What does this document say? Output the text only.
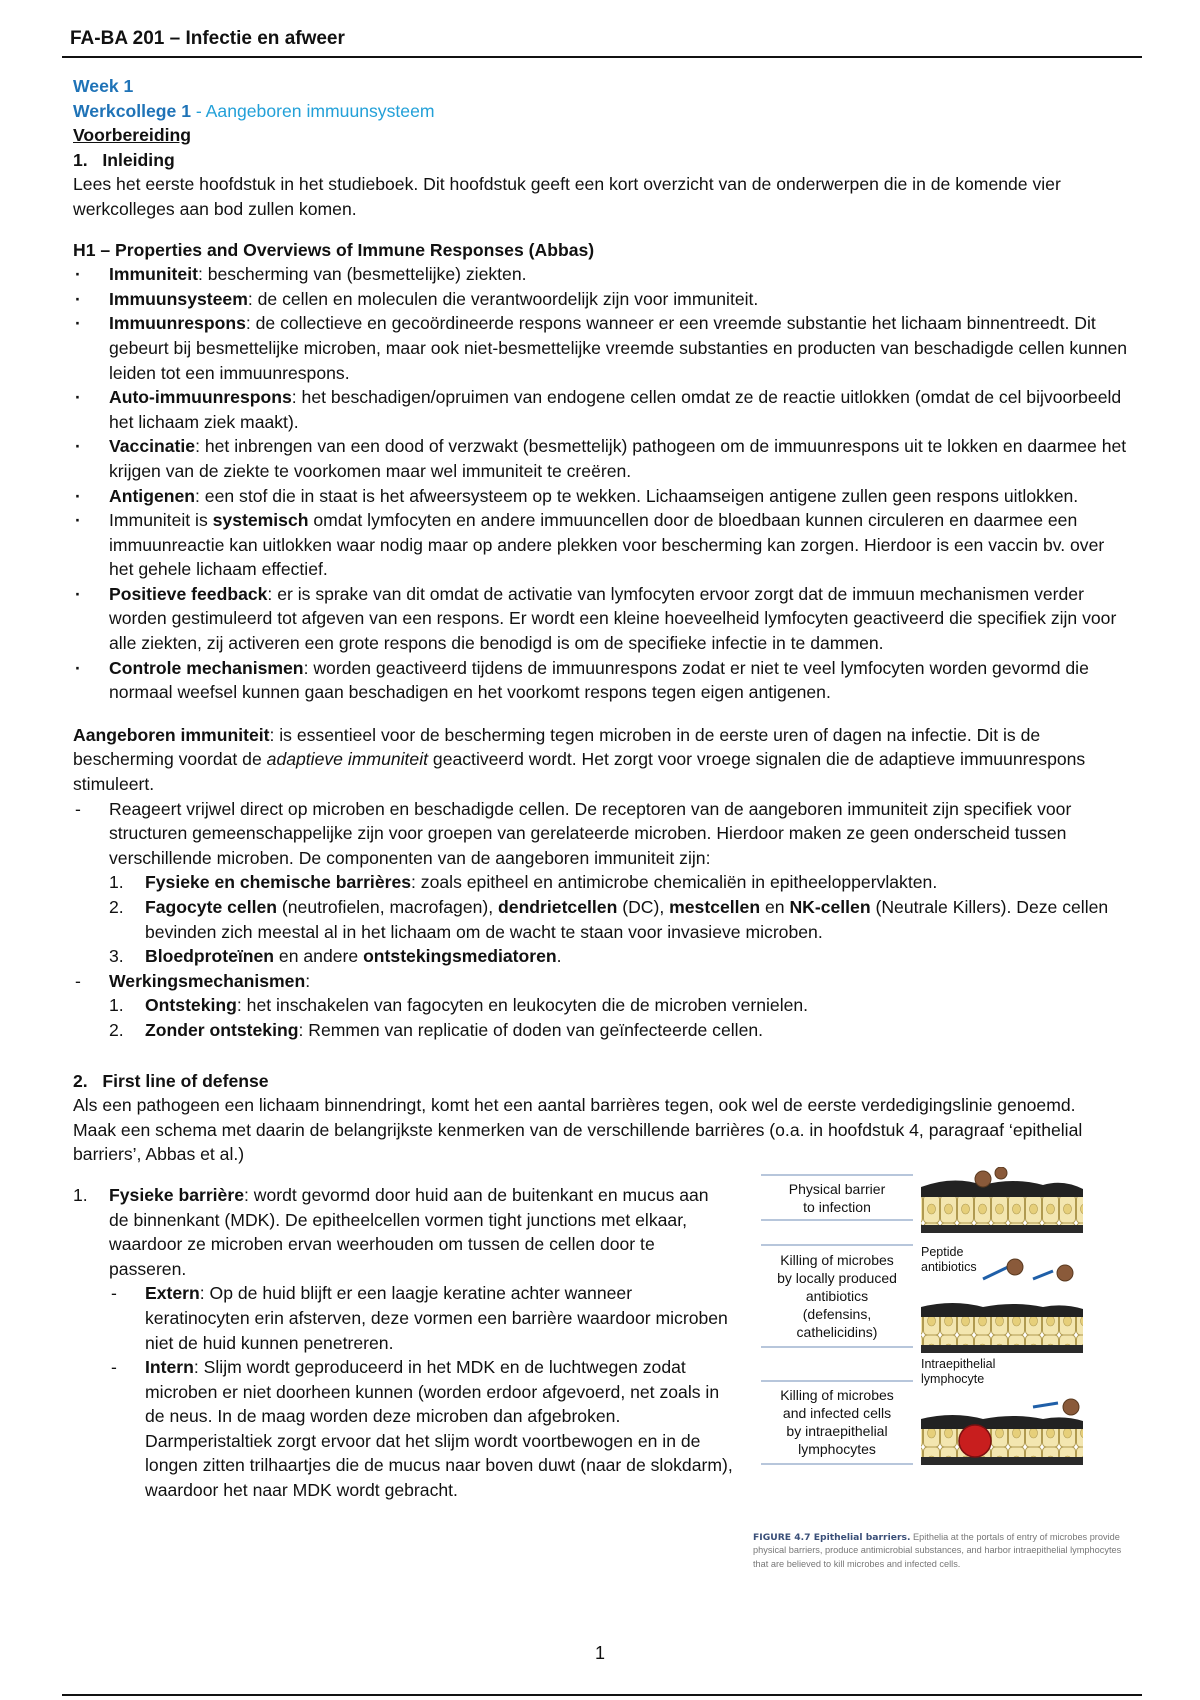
FA-BA 201 – Infectie en afweer

Week 1

Werkcollege 1 - Aangeboren immuunsysteem

Voorbereiding

1. Inleiding

Lees het eerste hoofdstuk in het studieboek. Dit hoofdstuk geeft een kort overzicht van de onderwerpen die in de komende vier werkcolleges aan bod zullen komen.

H1 – Properties and Overviews of Immune Responses (Abbas)

· Immuniteit: bescherming van (besmettelijke) ziekten.
· Immuunsysteem: de cellen en moleculen die verantwoordelijk zijn voor immuniteit.
· Immuunrespons: de collectieve en gecoördineerde respons wanneer er een vreemde substantie het lichaam binnentreedt. Dit gebeurt bij besmettelijke microben, maar ook niet-besmettelijke vreemde substanties en producten van beschadigde cellen kunnen leiden tot een immuunrespons.
· Auto-immuunrespons: het beschadigen/opruimen van endogene cellen omdat ze de reactie uitlokken (omdat de cel bijvoorbeeld het lichaam ziek maakt).
· Vaccinatie: het inbrengen van een dood of verzwakt (besmettelijk) pathogeen om de immuunrespons uit te lokken en daarmee het krijgen van de ziekte te voorkomen maar wel immuniteit te creëren.
· Antigenen: een stof die in staat is het afweersysteem op te wekken. Lichaamseigen antigene zullen geen respons uitlokken.
· Immuniteit is systemisch omdat lymfocyten en andere immuuncellen door de bloedbaan kunnen circuleren en daarmee een immuunreactie kan uitlokken waar nodig maar op andere plekken voor bescherming kan zorgen. Hierdoor is een vaccin bv. over het gehele lichaam effectief.
· Positieve feedback: er is sprake van dit omdat de activatie van lymfocyten ervoor zorgt dat de immuun mechanismen verder worden gestimuleerd tot afgeven van een respons. Er wordt een kleine hoeveelheid lymfocyten geactiveerd die specifiek zijn voor alle ziekten, zij activeren een grote respons die benodigd is om de specifieke infectie in te dammen.
· Controle mechanismen: worden geactiveerd tijdens de immuunrespons zodat er niet te veel lymfocyten worden gevormd die normaal weefsel kunnen gaan beschadigen en het voorkomt respons tegen eigen antigenen.

Aangeboren immuniteit: is essentieel voor de bescherming tegen microben in de eerste uren of dagen na infectie. Dit is de bescherming voordat de adaptieve immuniteit geactiveerd wordt. Het zorgt voor vroege signalen die de adaptieve immuunrespons stimuleert.

- Reageert vrijwel direct op microben en beschadigde cellen. De receptoren van de aangeboren immuniteit zijn specifiek voor structuren gemeenschappelijke zijn voor groepen van gerelateerde microben. Hierdoor maken ze geen onderscheid tussen verschillende microben. De componenten van de aangeboren immuniteit zijn:
1. Fysieke en chemische barrières: zoals epitheel en antimicrobe chemicaliën in epitheeloppervlakten.
2. Fagocyte cellen (neutrofielen, macrofagen), dendrietcellen (DC), mestcellen en NK-cellen (Neutrale Killers). Deze cellen bevinden zich meestal al in het lichaam om de wacht te staan voor invasieve microben.
3. Bloedproteïnen en andere ontstekingsmediatoren.
- Werkingsmechanismen:
1. Ontsteking: het inschakelen van fagocyten en leukocyten die de microben vernielen.
2. Zonder ontsteking: Remmen van replicatie of doden van geïnfecteerde cellen.

2. First line of defense

Als een pathogeen een lichaam binnendringt, komt het een aantal barrières tegen, ook wel de eerste verdedigingslinie genoemd.

Maak een schema met daarin de belangrijkste kenmerken van de verschillende barrières (o.a. in hoofdstuk 4, paragraaf ‘epithelial barriers’, Abbas et al.)

1. Fysieke barrière: wordt gevormd door huid aan de buitenkant en mucus aan de binnenkant (MDK). De epitheelcellen vormen tight junctions met elkaar, waardoor ze microben ervan weerhouden om tussen de cellen door te passeren.
- Extern: Op de huid blijft er een laagje keratine achter wanneer keratinocyten erin afsterven, deze vormen een barrière waardoor microben niet de huid kunnen penetreren.
- Intern: Slijm wordt geproduceerd in het MDK en de luchtwegen zodat microben er niet doorheen kunnen (worden erdoor afgevoerd, net zoals in de neus. In de maag worden deze microben dan afgebroken. Darmperistaltiek zorgt ervoor dat het slijm wordt voortbewogen en in de longen zitten trilhaartjes die de mucus naar boven duwt (naar de slokdarm), waardoor het naar MDK wordt gebracht.
Physical barrier
to infection
Killing of microbes
by locally produced
antibiotics
(defensins,
cathelicidins)
Killing of microbes
and infected cells
by intraepithelial
lymphocytes
Peptide
antibiotics
Intraepithelial
lymphocyte
FIGURE 4.7 Epithelial barriers. Epithelia at the portals of entry of microbes provide physical barriers, produce antimicrobial substances, and harbor intraepithelial lymphocytes that are believed to kill microbes and infected cells.
1
